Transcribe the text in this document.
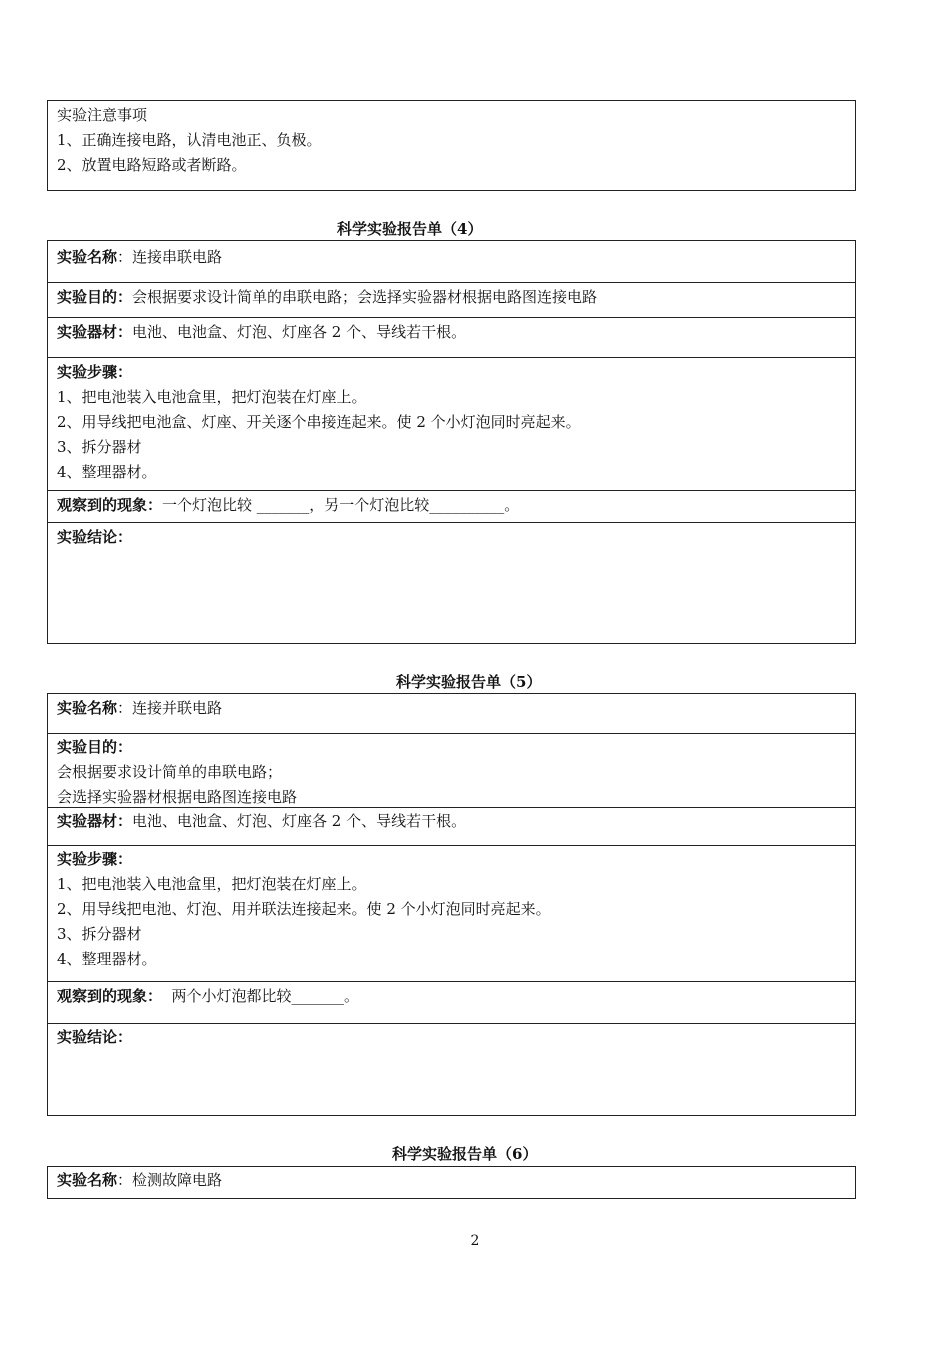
实验注意事项
1、正确连接电路，认清电池正、负极。
2、放置电路短路或者断路。
科学实验报告单（4）
实验名称：连接串联电路
实验目的：会根据要求设计简单的串联电路；会选择实验器材根据电路图连接电路
实验器材：电池、电池盒、灯泡、灯座各 2 个、导线若干根。
实验步骤：
1、把电池装入电池盒里，把灯泡装在灯座上。
2、用导线把电池盒、灯座、开关逐个串接连起来。使 2 个小灯泡同时亮起来。
3、拆分器材
4、整理器材。
观察到的现象：一个灯泡比较 _______，另一个灯泡比较__________。
实验结论：
科学实验报告单（5）
实验名称：连接并联电路
实验目的：
会根据要求设计简单的串联电路；
会选择实验器材根据电路图连接电路
实验器材：电池、电池盒、灯泡、灯座各 2 个、导线若干根。
实验步骤：
1、把电池装入电池盒里，把灯泡装在灯座上。
2、用导线把电池、灯泡、用并联法连接起来。使 2 个小灯泡同时亮起来。
3、拆分器材
4、整理器材。
观察到的现象：  两个小灯泡都比较_______。
实验结论：
科学实验报告单（6）
实验名称：检测故障电路
2
